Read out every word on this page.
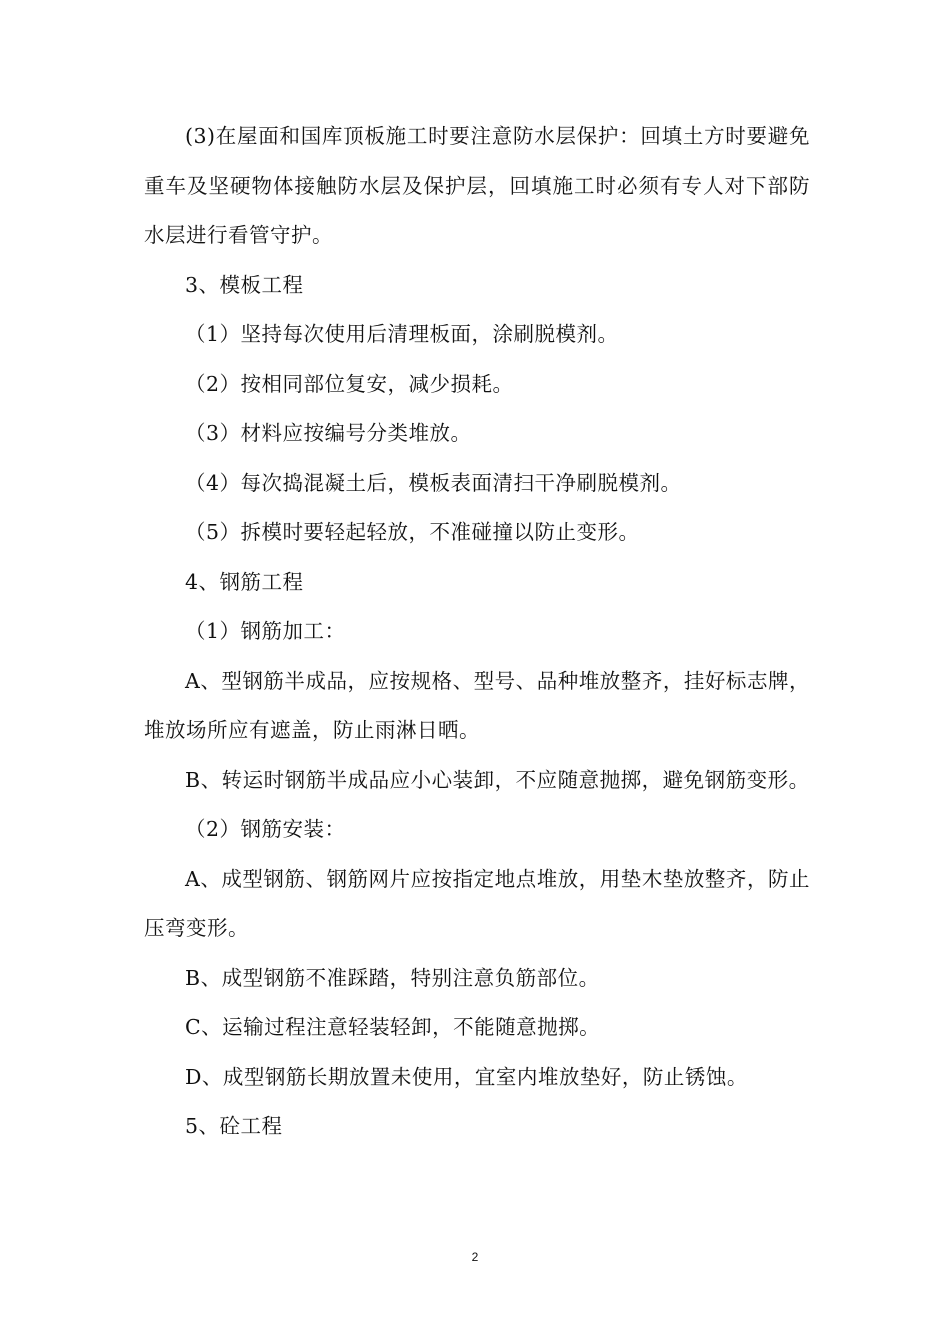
(3)在屋面和国库顶板施工时要注意防水层保护：回填土方时要避免重车及坚硬物体接触防水层及保护层，回填施工时必须有专人对下部防水层进行看管守护。

3、模板工程

（1）坚持每次使用后清理板面，涂刷脱模剂。

（2）按相同部位复安，减少损耗。

（3）材料应按编号分类堆放。

（4）每次捣混凝土后，模板表面清扫干净刷脱模剂。

（5）拆模时要轻起轻放，不准碰撞以防止变形。

4、钢筋工程

（1）钢筋加工：

A、型钢筋半成品，应按规格、型号、品种堆放整齐，挂好标志牌，堆放场所应有遮盖，防止雨淋日晒。

B、转运时钢筋半成品应小心装卸，不应随意抛掷，避免钢筋变形。

（2）钢筋安装：

A、成型钢筋、钢筋网片应按指定地点堆放，用垫木垫放整齐，防止压弯变形。

B、成型钢筋不准踩踏，特别注意负筋部位。

C、运输过程注意轻装轻卸，不能随意抛掷。

D、成型钢筋长期放置未使用，宜室内堆放垫好，防止锈蚀。

5、砼工程

2
